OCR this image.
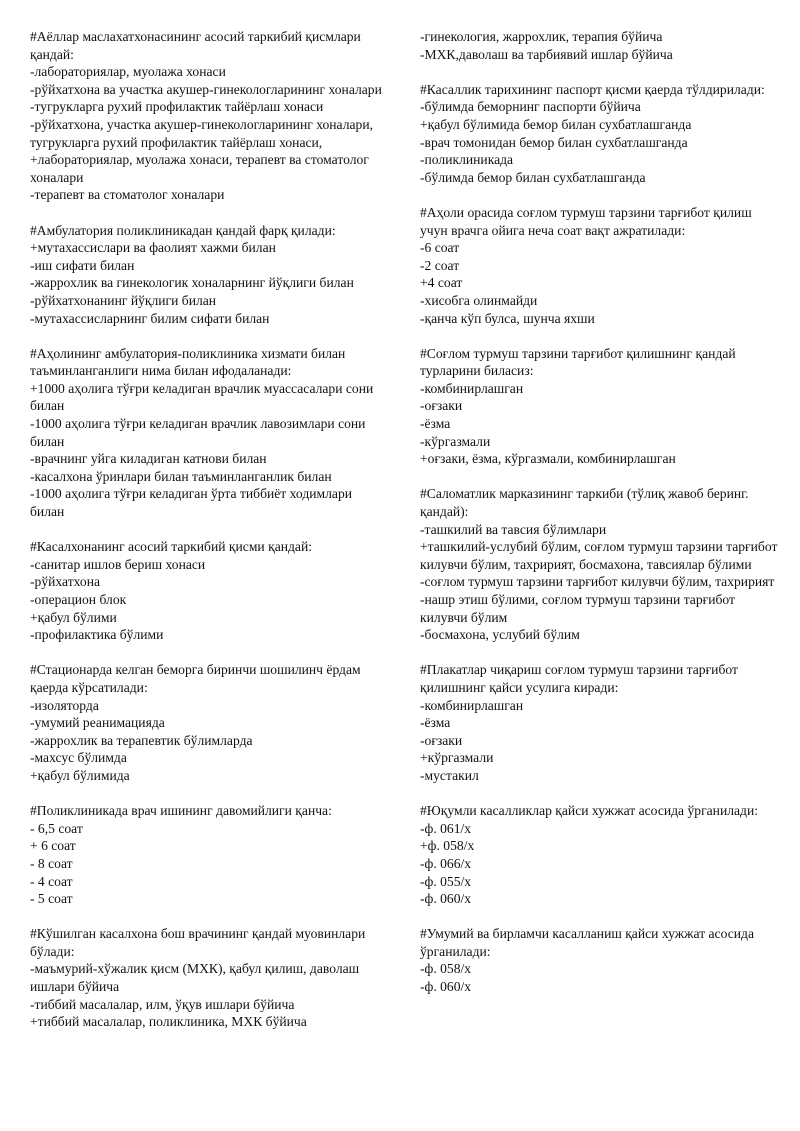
#Аёллар маслахатхонасининг асосий таркибий қисмлари қандай:
-лабораториялар, муолажа хонаси
-рўйхатхона ва участка акушер-гинекологларининг хоналари
-тугрукларга рухий профилактик тайёрлаш хонаси
-рўйхатхона, участка акушер-гинекологларининг хоналари, тугрукларга рухий профилактик тайёрлаш хонаси, +лабораториялар, муолажа хонаси, терапевт ва стоматолог хоналари
-терапевт ва стоматолог хоналари
#Амбулатория поликлиникадан қандай фарқ қилади:
+мутахассислари ва фаолият хажми билан
-иш сифати билан
-жаррохлик ва гинекологик хоналарнинг йўқлиги билан
-рўйхатхонанинг йўқлиги билан
-мутахассисларнинг билим сифати билан
#Аҳолининг амбулатория-поликлиника хизмати билан таъминланганлиги нима билан ифодаланади:
+1000 аҳолига тўғри келадиган врачлик муассасалари сони билан
-1000 аҳолига тўғри келадиган врачлик лавозимлари сони билан
-врачнинг уйга киладиган катнови билан
-касалхона ўринлари билан таъминланганлик билан
-1000 аҳолига тўғри келадиган ўрта тиббиёт ходимлари билан
#Касалхонанинг асосий таркибий қисми қандай:
-санитар ишлов бериш хонаси
-рўйхатхона
-операцион блок
+қабул бўлими
-профилактика бўлими
#Стационарда келган беморга биринчи шошилинч ёрдам қаерда кўрсатилади:
-изоляторда
-умумий реанимацияда
-жаррохлик ва терапевтик бўлимларда
-махсус бўлимда
+қабул бўлимида
#Поликлиникада врач ишининг давомийлиги қанча:
- 6,5 соат
+ 6 соат
- 8 соат
- 4 соат
- 5 соат
#Кўшилган касалхона бош врачининг қандай муовинлари бўлади:
-маъмурий-хўжалик қисм (МХК), қабул қилиш, даволаш ишлари бўйича
-тиббий масалалар, илм, ўқув ишлари бўйича
+тиббий масалалар, поликлиника, МХК бўйича
-гинекология, жаррохлик, терапия бўйича
-МХК,даволаш ва тарбиявий ишлар бўйича
#Касаллик тарихининг паспорт қисми қаерда тўлдирилади:
-бўлимда беморнинг паспорти бўйича
+қабул бўлимида бемор билан сухбатлашганда
-врач томонидан бемор билан сухбатлашганда
-поликлиникада
-бўлимда бемор билан сухбатлашганда
#Аҳоли орасида соғлом турмуш тарзини тарғибот қилиш учун врачга ойига неча соат вақт ажратилади:
-6 соат
-2 соат
+4 соат
-хисобга олинмайди
-қанча кўп булса, шунча яхши
#Соғлом турмуш тарзини тарғибот қилишнинг қандай турларини биласиз:
-комбинирлашган
-оғзаки
-ёзма
-кўргазмали
+оғзаки, ёзма, кўргазмали, комбинирлашган
#Саломатлик марказининг таркиби (тўлиқ жавоб беринг. қандай):
-ташкилий ва тавсия бўлимлари
+ташкилий-услубий бўлим, соғлом турмуш тарзини тарғибот килувчи бўлим, тахририят, босмахона, тавсиялар бўлими
-соғлом турмуш тарзини тарғибот килувчи бўлим, тахририят
-нашр этиш бўлими, соғлом турмуш тарзини тарғибот килувчи бўлим
-босмахона, услубий бўлим
#Плакатлар чиқариш соғлом турмуш тарзини тарғибот қилишнинг қайси усулига киради:
-комбинирлашган
-ёзма
-оғзаки
+кўргазмали
-мустакил
#Юқумли касалликлар қайси хужжат асосида ўрганилади:
-ф. 061/х
+ф. 058/х
-ф. 066/х
-ф. 055/х
-ф. 060/х
#Умумий ва бирламчи касалланиш қайси хужжат асосида ўрганилади:
-ф. 058/х
-ф. 060/х
